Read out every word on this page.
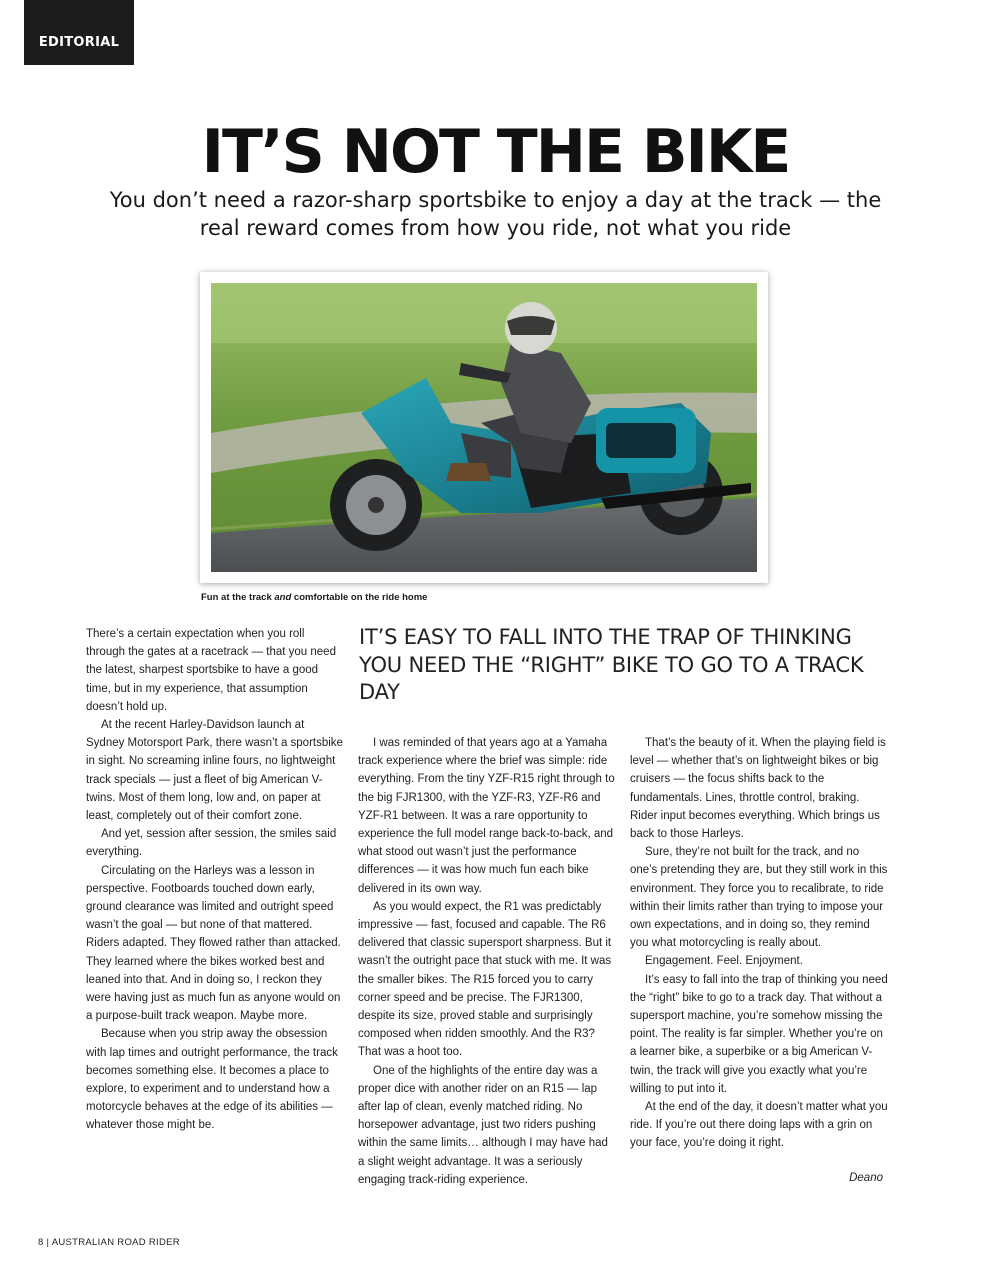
EDITORIAL
IT’S NOT THE BIKE
You don’t need a razor-sharp sportsbike to enjoy a day at the track — the real reward comes from how you ride, not what you ride
Fun at the track and comfortable on the ride home

There’s a certain expectation when you roll through the gates at a racetrack — that you need the latest, sharpest sportsbike to have a good time, but in my experience, that assumption doesn’t hold up.

At the recent Harley-Davidson launch at Sydney Motorsport Park, there wasn’t a sportsbike in sight. No screaming inline fours, no lightweight track specials — just a fleet of big American V-twins. Most of them long, low and, on paper at least, completely out of their comfort zone.

And yet, session after session, the smiles said everything.

Circulating on the Harleys was a lesson in perspective. Footboards touched down early, ground clearance was limited and outright speed wasn’t the goal — but none of that mattered. Riders adapted. They flowed rather than attacked. They learned where the bikes worked best and leaned into that. And in doing so, I reckon they were having just as much fun as anyone would on a purpose-built track weapon. Maybe more.

Because when you strip away the obsession with lap times and outright performance, the track becomes something else. It becomes a place to explore, to experiment and to understand how a motorcycle behaves at the edge of its abilities — whatever those might be.

IT’S EASY TO FALL INTO THE TRAP OF THINKING YOU NEED THE “RIGHT” BIKE TO GO TO A TRACK DAY

I was reminded of that years ago at a Yamaha track experience where the brief was simple: ride everything. From the tiny YZF-R15 right through to the big FJR1300, with the YZF-R3, YZF-R6 and YZF-R1 between. It was a rare opportunity to experience the full model range back-to-back, and what stood out wasn’t just the performance differences — it was how much fun each bike delivered in its own way.

As you would expect, the R1 was predictably impressive — fast, focused and capable. The R6 delivered that classic supersport sharpness. But it wasn’t the outright pace that stuck with me. It was the smaller bikes. The R15 forced you to carry corner speed and be precise. The FJR1300, despite its size, proved stable and surprisingly composed when ridden smoothly. And the R3? That was a hoot too.

One of the highlights of the entire day was a proper dice with another rider on an R15 — lap after lap of clean, evenly matched riding. No horsepower advantage, just two riders pushing within the same limits… although I may have had a slight weight advantage. It was a seriously engaging track-riding experience.

That’s the beauty of it. When the playing field is level — whether that’s on lightweight bikes or big cruisers — the focus shifts back to the fundamentals. Lines, throttle control, braking. Rider input becomes everything. Which brings us back to those Harleys.

Sure, they’re not built for the track, and no one’s pretending they are, but they still work in this environment. They force you to recalibrate, to ride within their limits rather than trying to impose your own expectations, and in doing so, they remind you what motorcycling is really about.

Engagement. Feel. Enjoyment.

It’s easy to fall into the trap of thinking you need the “right” bike to go to a track day. That without a supersport machine, you’re somehow missing the point. The reality is far simpler. Whether you’re on a learner bike, a superbike or a big American V-twin, the track will give you exactly what you’re willing to put into it.

At the end of the day, it doesn’t matter what you ride. If you’re out there doing laps with a grin on your face, you’re doing it right.

Deano
8 | AUSTRALIAN ROAD RIDER
